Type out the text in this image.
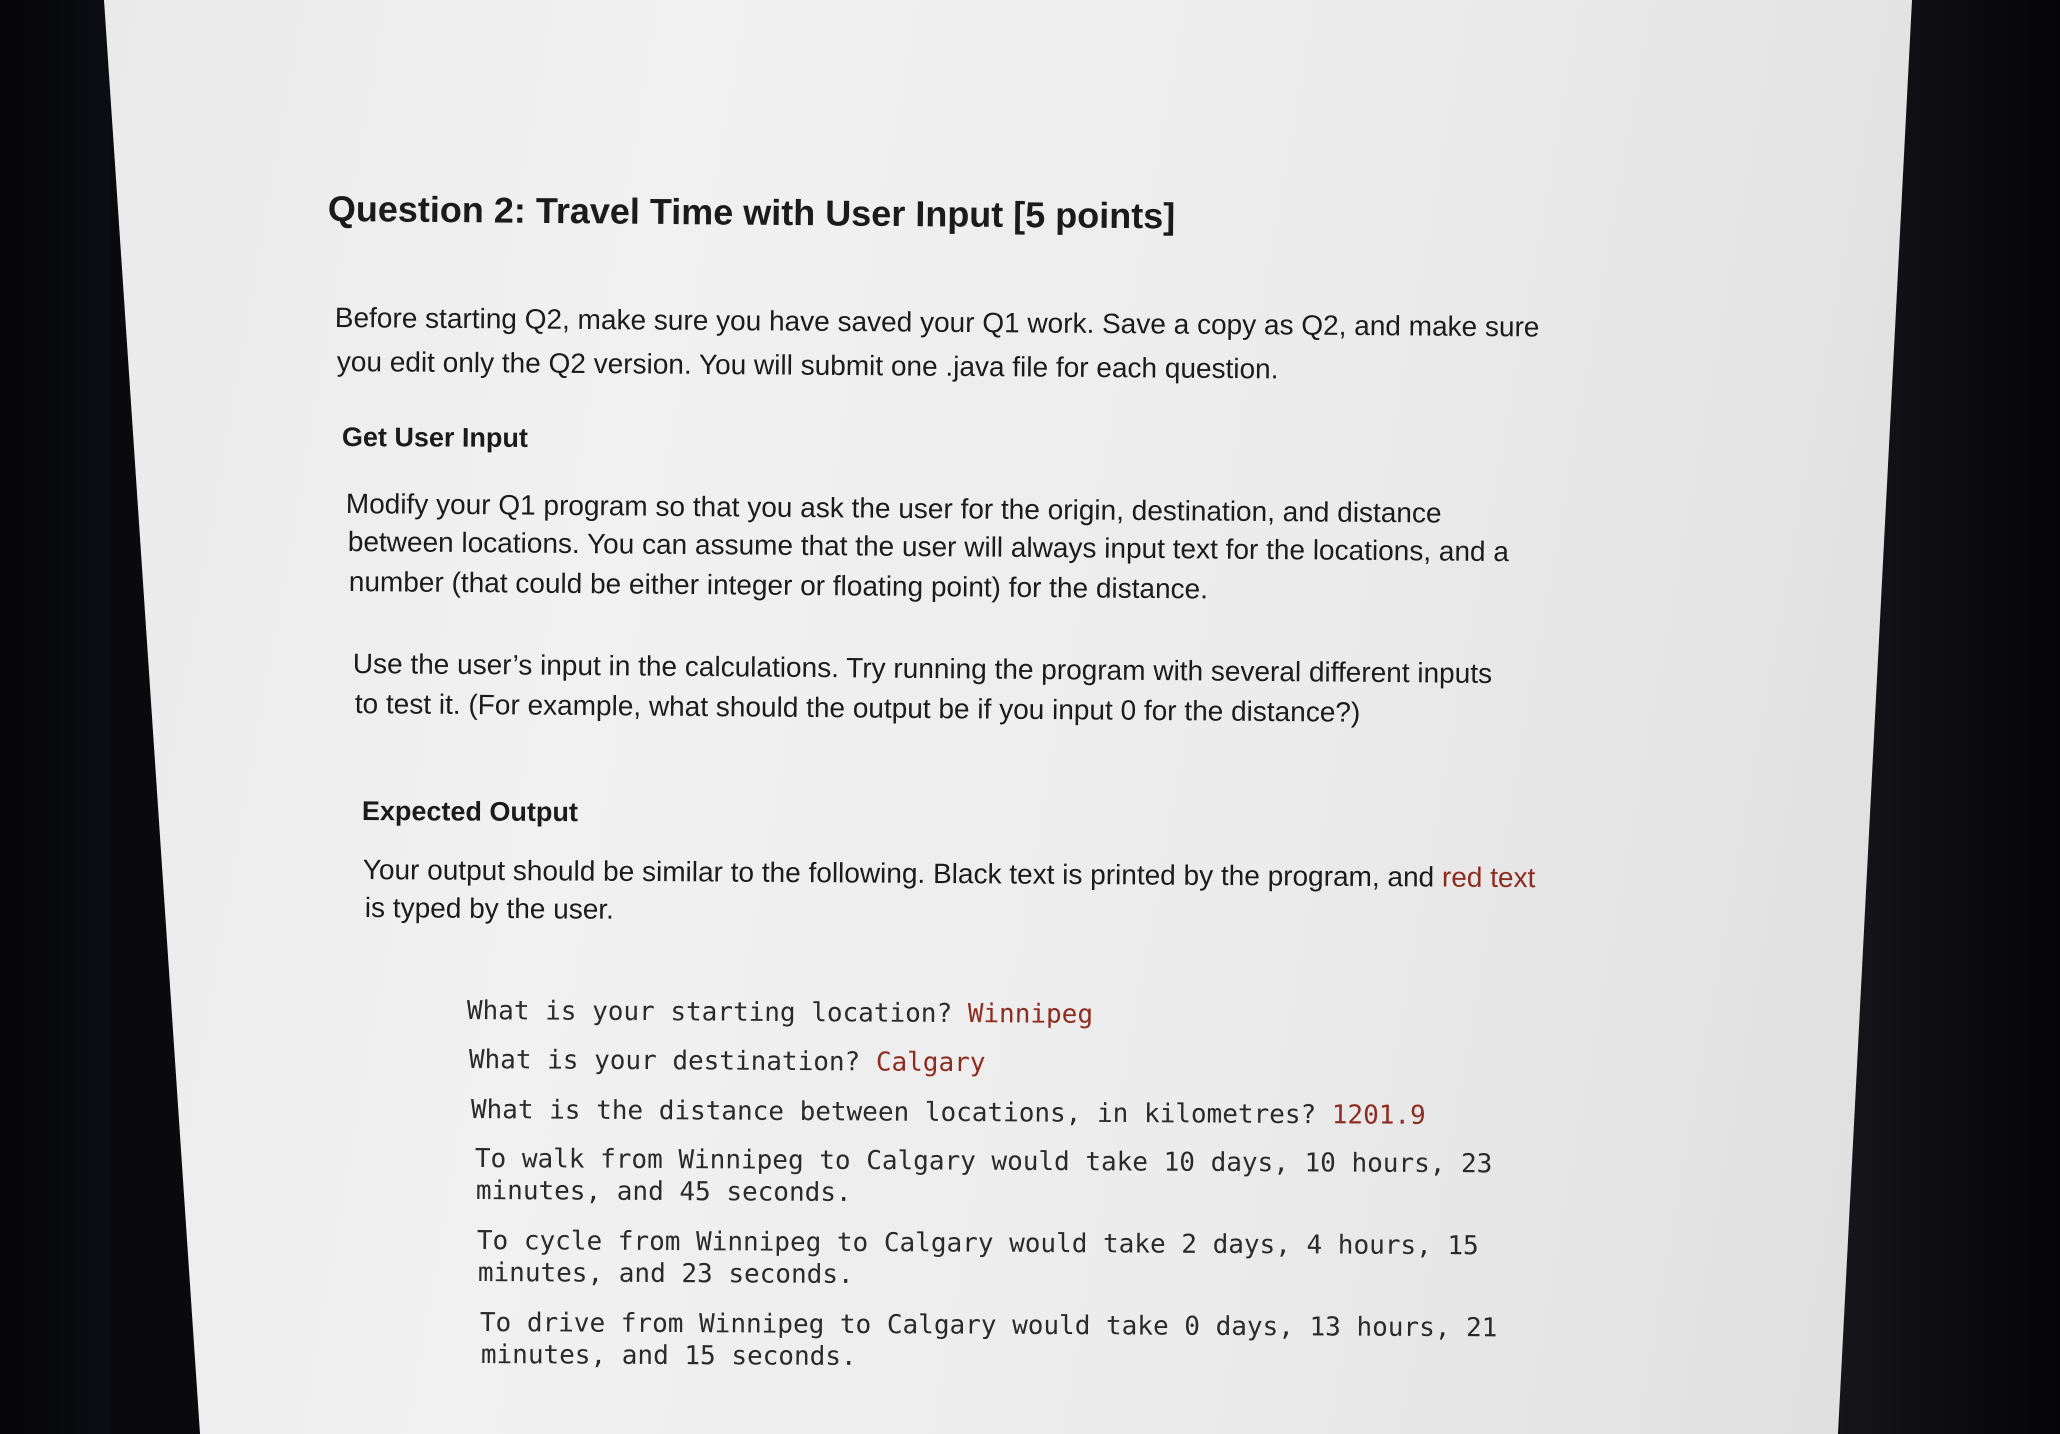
Question 2: Travel Time with User Input [5 points]
Before starting Q2, make sure you have saved your Q1 work. Save a copy as Q2, and make sure
you edit only the Q2 version. You will submit one .java file for each question.
Get User Input
Modify your Q1 program so that you ask the user for the origin, destination, and distance
between locations. You can assume that the user will always input text for the locations, and a
number (that could be either integer or floating point) for the distance.
Use the user’s input in the calculations. Try running the program with several different inputs
to test it. (For example, what should the output be if you input 0 for the distance?)
Expected Output
Your output should be similar to the following. Black text is printed by the program, and red text
is typed by the user.
What is your starting location? Winnipeg
What is your destination? Calgary
What is the distance between locations, in kilometres? 1201.9
To walk from Winnipeg to Calgary would take 10 days, 10 hours, 23
minutes, and 45 seconds.
To cycle from Winnipeg to Calgary would take 2 days, 4 hours, 15
minutes, and 23 seconds.
To drive from Winnipeg to Calgary would take 0 days, 13 hours, 21
minutes, and 15 seconds.
